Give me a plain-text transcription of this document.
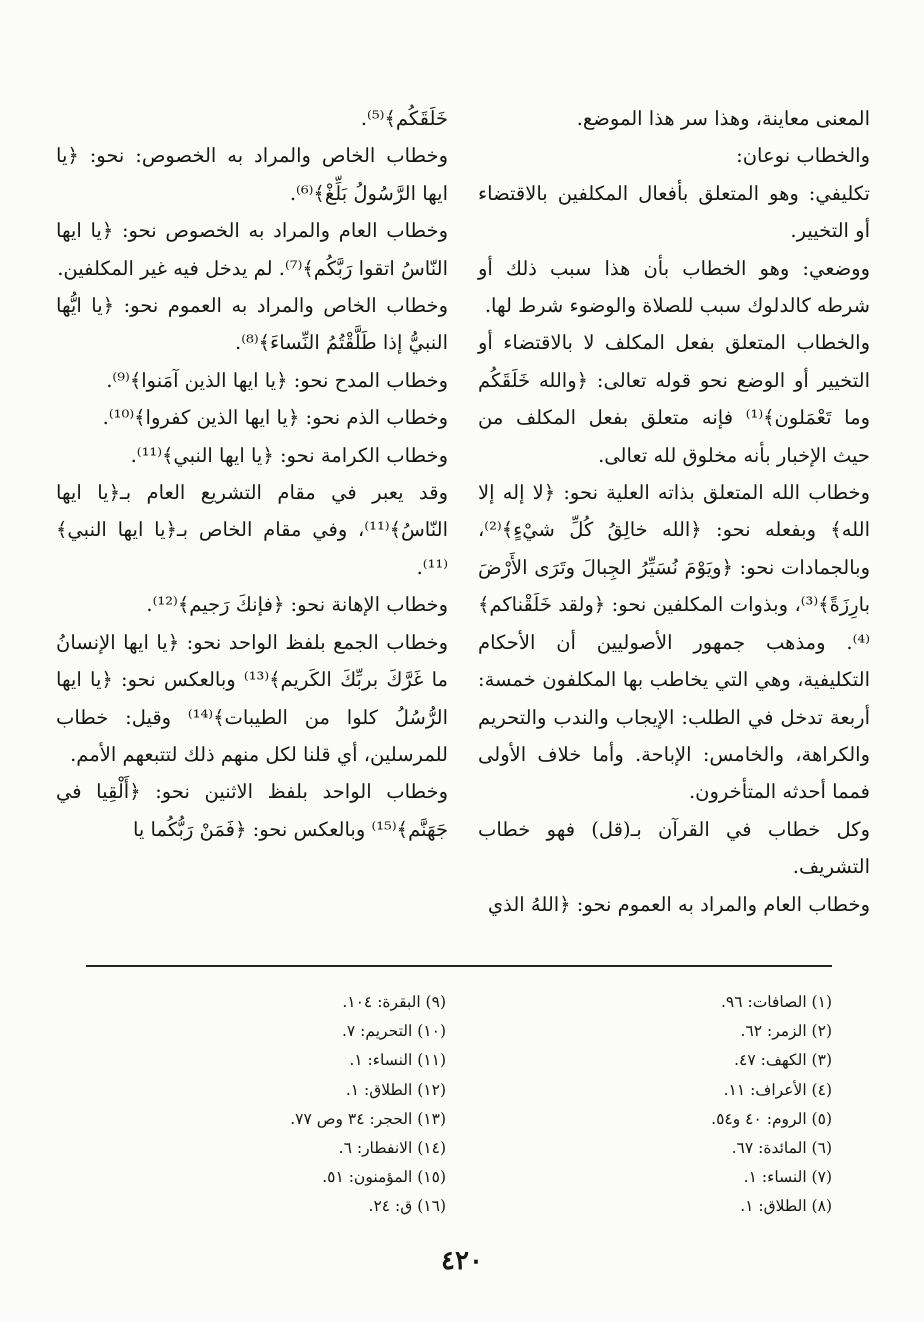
المعنى معاينة، وهذا سر هذا الموضع.

والخطاب نوعان:

تكليفي: وهو المتعلق بأفعال المكلفين بالاقتضاء أو التخيير.

ووضعي: وهو الخطاب بأن هذا سبب ذلك أو شرطه كالدلوك سبب للصلاة والوضوء شرط لها.

والخطاب المتعلق بفعل المكلف لا بالاقتضاء أو التخيير أو الوضع نحو قوله تعالى: ﴿والله خَلَقَكُم وما تَعْمَلون﴾⁽¹⁾ فإنه متعلق بفعل المكلف من حيث الإخبار بأنه مخلوق لله تعالى.

وخطاب الله المتعلق بذاته العلية نحو: ﴿لا إله إلا الله﴾ وبفعله نحو: ﴿الله خالِقُ كُلِّ شيْءٍ﴾⁽²⁾، وبالجمادات نحو: ﴿ويَوْمَ نُسَيِّرُ الجِبالَ وتَرَى الأَرْضَ بارِزَةً﴾⁽³⁾، وبذوات المكلفين نحو: ﴿ولقد خَلَقْناكم﴾⁽⁴⁾. ومذهب جمهور الأصوليين أن الأحكام التكليفية، وهي التي يخاطب بها المكلفون خمسة: أربعة تدخل في الطلب: الإيجاب والندب والتحريم والكراهة، والخامس: الإباحة. وأما خلاف الأولى فمما أحدثه المتأخرون.

وكل خطاب في القرآن بـ(قل) فهو خطاب التشريف.

وخطاب العام والمراد به العموم نحو: ﴿اللهُ الذي

خَلَقَكُم﴾⁽⁵⁾.

وخطاب الخاص والمراد به الخصوص: نحو: ﴿يا ايها الرَّسُولُ بَلِّغْ﴾⁽⁶⁾.

وخطاب العام والمراد به الخصوص نحو: ﴿يا ايها النّاسُ اتقوا رَبَّكُم﴾⁽⁷⁾. لم يدخل فيه غير المكلفين.

وخطاب الخاص والمراد به العموم نحو: ﴿يا ايُّها النبيُّ إذا طَلَّقْتُمُ النِّساءَ﴾⁽⁸⁾.

وخطاب المدح نحو: ﴿يا ايها الذين آمَنوا﴾⁽⁹⁾.

وخطاب الذم نحو: ﴿يا ايها الذين كفروا﴾⁽¹⁰⁾.

وخطاب الكرامة نحو: ﴿يا ايها النبي﴾⁽¹¹⁾.

وقد يعبر في مقام التشريع العام بـ﴿يا ايها النّاسُ﴾⁽¹¹⁾، وفي مقام الخاص بـ﴿يا ايها النبي﴾⁽¹¹⁾.

وخطاب الإهانة نحو: ﴿فإنكَ رَجيم﴾⁽¹²⁾.

وخطاب الجمع بلفظ الواحد نحو: ﴿يا ايها الإنسانُ ما غَرَّكَ بربِّكَ الكَريم﴾⁽¹³⁾ وبالعكس نحو: ﴿يا ايها الرُّسُلُ كلوا من الطيبات﴾⁽¹⁴⁾ وقيل: خطاب للمرسلين، أي قلنا لكل منهم ذلك لتتبعهم الأمم.

وخطاب الواحد بلفظ الاثنين نحو: ﴿أَلْقِيا في جَهَنَّم﴾⁽¹⁵⁾ وبالعكس نحو: ﴿فَمَنْ رَبُّكُما يا

(١) الصافات: ٩٦.
(٢) الزمر: ٦٢.
(٣) الكهف: ٤٧.
(٤) الأعراف: ١١.
(٥) الروم: ٤٠ و٥٤.
(٦) المائدة: ٦٧.
(٧) النساء: ١.
(٨) الطلاق: ١.
(٩) البقرة: ١٠٤.
(١٠) التحريم: ٧.
(١١) النساء: ١.
(١٢) الطلاق: ١.
(١٣) الحجر: ٣٤ وص ٧٧.
(١٤) الانفطار: ٦.
(١٥) المؤمنون: ٥١.
(١٦) ق: ٢٤.
٤٢٠
